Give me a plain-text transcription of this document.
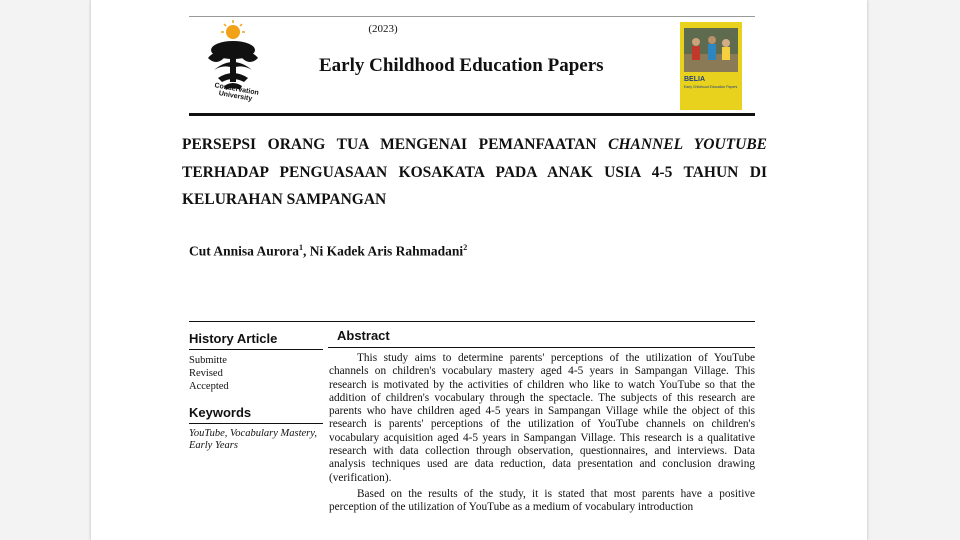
(2023)
Conservation University
Early Childhood Education Papers
BELIA
Early Childhood Education Papers
PERSEPSI ORANG TUA MENGENAI PEMANFAATAN CHANNEL YOUTUBE
TERHADAP PENGUASAAN KOSAKATA PADA ANAK USIA 4-5 TAHUN DI
KELURAHAN SAMPANGAN
Cut Annisa Aurora$^1$, Ni Kadek Aris Rahmadani$^2$
History Article
Submitte
Revised
Accepted
Keywords
YouTube, Vocabulary Mastery, Early Years
Abstract

This study aims to determine parents' perceptions of the utilization of YouTube channels on children's vocabulary mastery aged 4-5 years in Sampangan Village. This research is motivated by the activities of children who like to watch YouTube so that the addition of children's vocabulary through the spectacle. The subjects of this research are parents who have children aged 4-5 years in Sampangan Village while the object of this research is parents' perceptions of the utilization of YouTube channels on children's vocabulary acquisition aged 4-5 years in Sampangan Village. This research is a qualitative research with data collection through observation, questionnaires, and interviews. Data analysis techniques used are data reduction, data presentation and conclusion drawing (verification).

Based on the results of the study, it is stated that most parents have a positive perception of the utilization of YouTube as a medium of vocabulary introduction
